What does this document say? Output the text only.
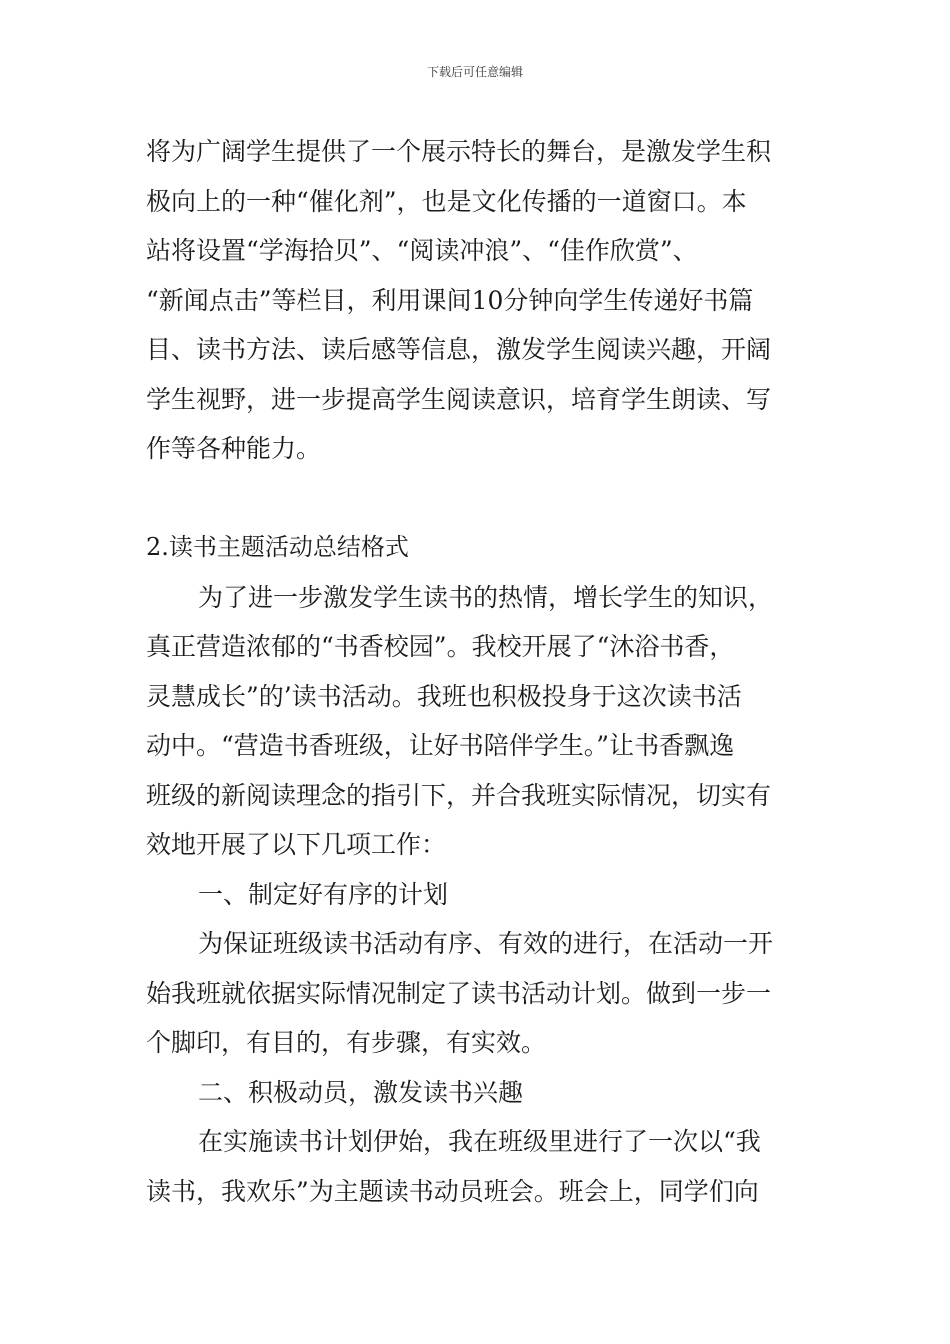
下载后可任意编辑
将为广阔学生提供了一个展示特长的舞台，是激发学生积
极向上的一种“催化剂”，也是文化传播的一道窗口。本
站将设置“学海拾贝”、“阅读冲浪”、“佳作欣赏”、
“新闻点击”等栏目，利用课间10分钟向学生传递好书篇
目、读书方法、读后感等信息，激发学生阅读兴趣，开阔
学生视野，进一步提高学生阅读意识，培育学生朗读、写
作等各种能力。
2.读书主题活动总结格式
为了进一步激发学生读书的热情，增长学生的知识，
真正营造浓郁的“书香校园”。我校开展了“沐浴书香，
灵慧成长”的’读书活动。我班也积极投身于这次读书活
动中。“营造书香班级，让好书陪伴学生。”让书香飘逸
班级的新阅读理念的指引下，并合我班实际情况，切实有
效地开展了以下几项工作：
一、制定好有序的计划
为保证班级读书活动有序、有效的进行，在活动一开
始我班就依据实际情况制定了读书活动计划。做到一步一
个脚印，有目的，有步骤，有实效。
二、积极动员，激发读书兴趣
在实施读书计划伊始，我在班级里进行了一次以“我
读书，我欢乐”为主题读书动员班会。班会上，同学们向
